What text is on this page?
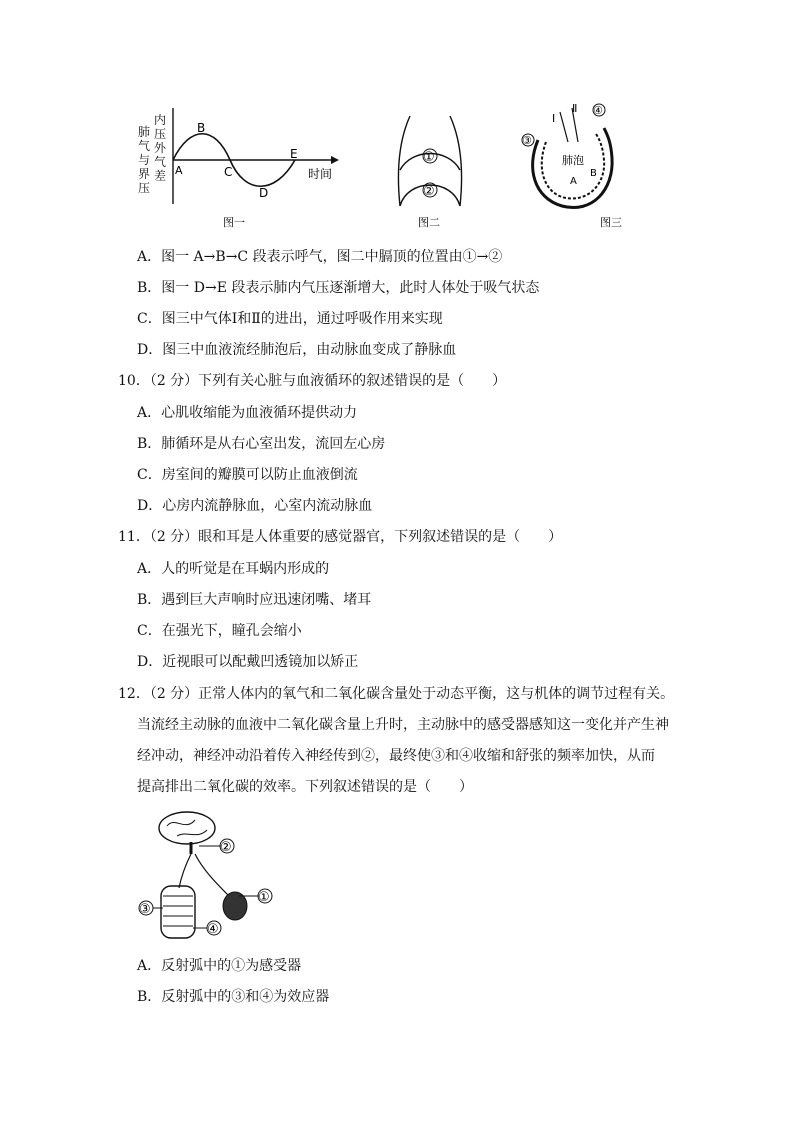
肺
内
气
压
与
外
界
气
压
差 A
B
C
D
E
时间
图一
①
②
图二
Ⅰ
Ⅱ
③
④
肺泡
A
B
图三
A．图一 A→B→C 段表示呼气，图二中膈顶的位置由①→②
B．图一 D→E 段表示肺内气压逐渐增大，此时人体处于吸气状态
C．图三中气体Ⅰ和Ⅱ的进出，通过呼吸作用来实现
D．图三中血液流经肺泡后，由动脉血变成了静脉血
10．（2 分）下列有关心脏与血液循环的叙述错误的是（　　）
A．心肌收缩能为血液循环提供动力
B．肺循环是从右心室出发，流回左心房
C．房室间的瓣膜可以防止血液倒流
D．心房内流静脉血，心室内流动脉血
11．（2 分）眼和耳是人体重要的感觉器官，下列叙述错误的是（　　）
A．人的听觉是在耳蜗内形成的
B．遇到巨大声响时应迅速闭嘴、堵耳
C．在强光下，瞳孔会缩小
D．近视眼可以配戴凹透镜加以矫正
12．（2 分）正常人体内的氧气和二氧化碳含量处于动态平衡，这与机体的调节过程有关。
当流经主动脉的血液中二氧化碳含量上升时，主动脉中的感受器感知这一变化并产生神
经冲动，神经冲动沿着传入神经传到②，最终使③和④收缩和舒张的频率加快，从而
提高排出二氧化碳的效率。下列叙述错误的是（　　）
②
①
③
④
A．反射弧中的①为感受器
B．反射弧中的③和④为效应器
